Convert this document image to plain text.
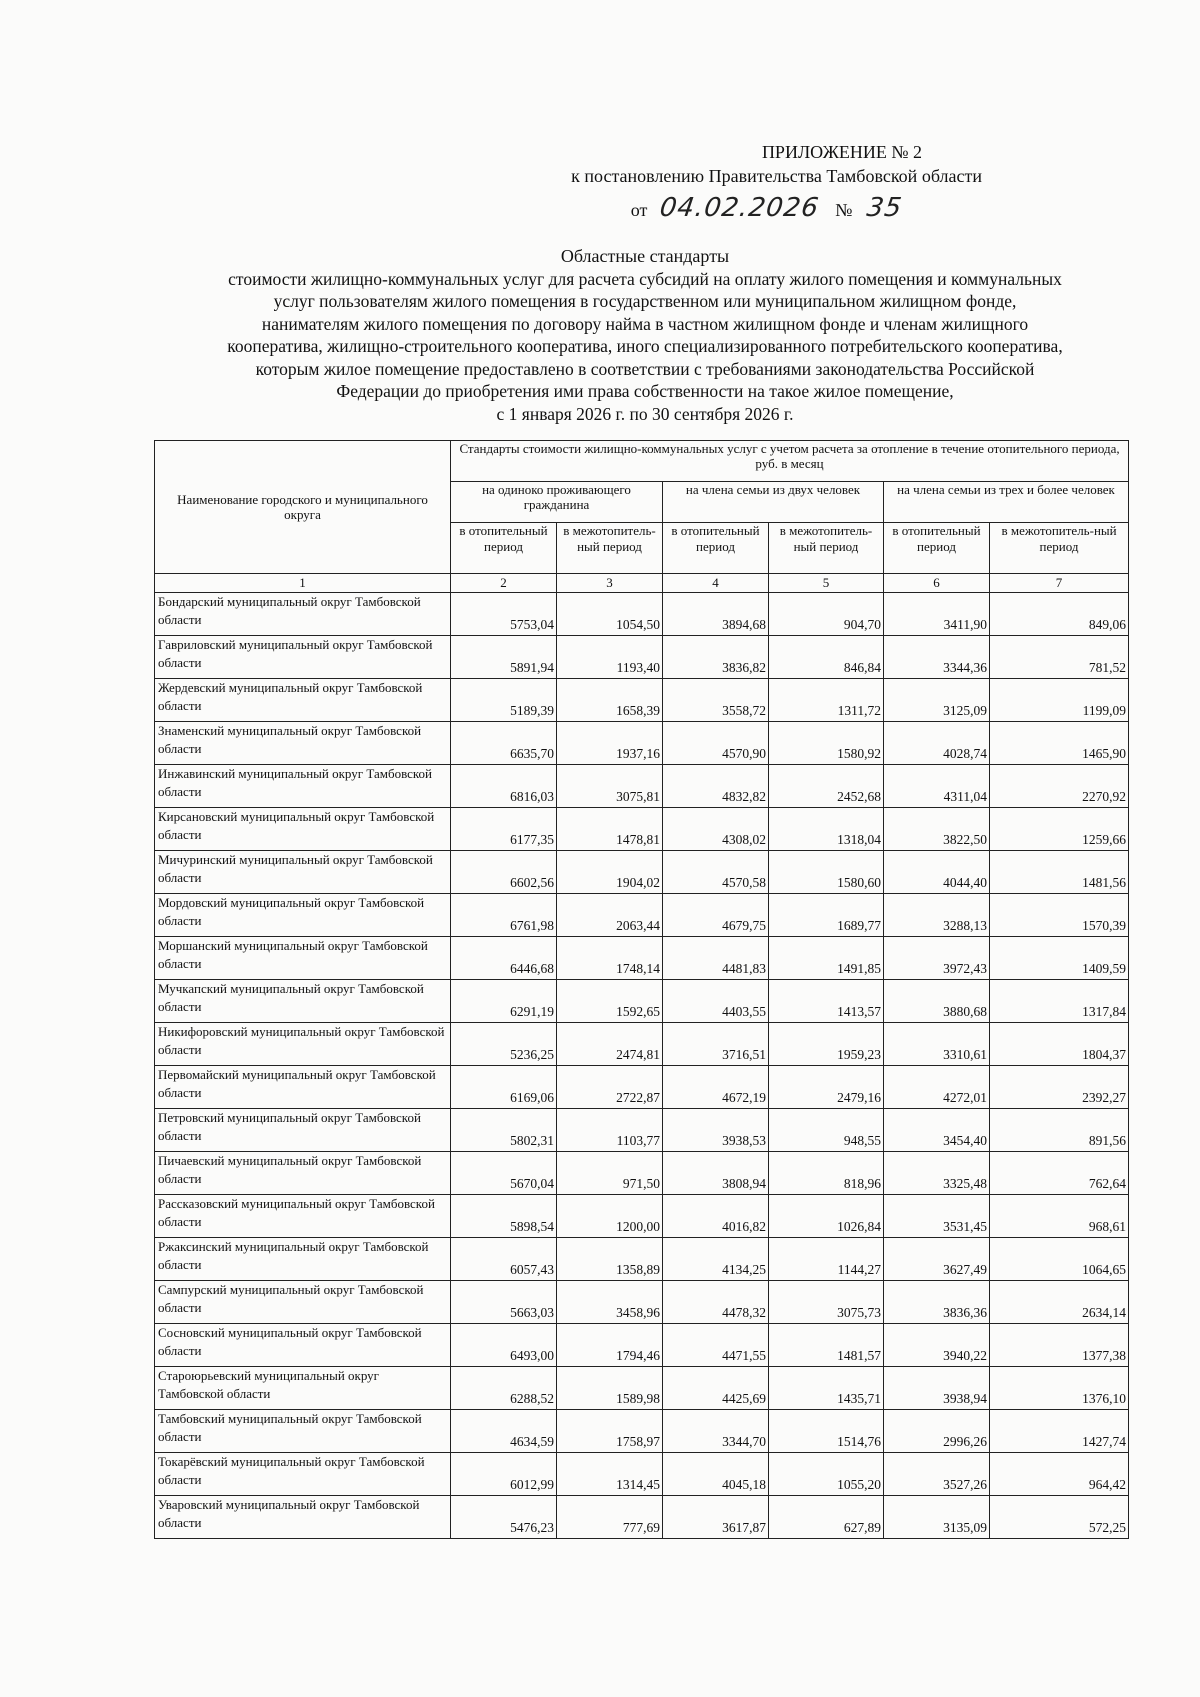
ПРИЛОЖЕНИЕ № 2
к постановлению Правительства Тамбовской области
от 04.02.2026 № 35
Областные стандарты
стоимости жилищно-коммунальных услуг для расчета субсидий на оплату жилого помещения и коммунальных
услуг пользователям жилого помещения в государственном или муниципальном жилищном фонде,
нанимателям жилого помещения по договору найма в частном жилищном фонде и членам жилищного
кооператива, жилищно-строительного кооператива, иного специализированного потребительского кооператива,
которым жилое помещение предоставлено в соответствии с требованиями законодательства Российской
Федерации до приобретения ими права собственности на такое жилое помещение,
с 1 января 2026 г. по 30 сентября 2026 г.
Наименование городского и муниципального округа	Стандарты стоимости жилищно-коммунальных услуг с учетом расчета за отопление в течение отопительного периода, руб. в месяц					
	на одиноко проживающего гражданина		на члена семьи из двух человек		на члена семьи из трех и более человек	
	в отопительный период	в межотопитель-ный период	в отопительный период	в межотопитель-ный период	в отопительный период	в межотопитель-ный период
1	2	3	4	5	6	7
Бондарский муниципальный округ Тамбовской области	5753,04	1054,50	3894,68	904,70	3411,90	849,06
Гавриловский муниципальный округ Тамбовской области	5891,94	1193,40	3836,82	846,84	3344,36	781,52
Жердевский муниципальный округ Тамбовской области	5189,39	1658,39	3558,72	1311,72	3125,09	1199,09
Знаменский муниципальный округ Тамбовской области	6635,70	1937,16	4570,90	1580,92	4028,74	1465,90
Инжавинский муниципальный округ Тамбовской области	6816,03	3075,81	4832,82	2452,68	4311,04	2270,92
Кирсановский муниципальный округ Тамбовской области	6177,35	1478,81	4308,02	1318,04	3822,50	1259,66
Мичуринский муниципальный округ Тамбовской области	6602,56	1904,02	4570,58	1580,60	4044,40	1481,56
Мордовский муниципальный округ Тамбовской области	6761,98	2063,44	4679,75	1689,77	3288,13	1570,39
Моршанский муниципальный округ Тамбовской области	6446,68	1748,14	4481,83	1491,85	3972,43	1409,59
Мучкапский муниципальный округ Тамбовской области	6291,19	1592,65	4403,55	1413,57	3880,68	1317,84
Никифоровский муниципальный округ Тамбовской области	5236,25	2474,81	3716,51	1959,23	3310,61	1804,37
Первомайский муниципальный округ Тамбовской области	6169,06	2722,87	4672,19	2479,16	4272,01	2392,27
Петровский муниципальный округ Тамбовской области	5802,31	1103,77	3938,53	948,55	3454,40	891,56
Пичаевский муниципальный округ Тамбовской области	5670,04	971,50	3808,94	818,96	3325,48	762,64
Рассказовский муниципальный округ Тамбовской области	5898,54	1200,00	4016,82	1026,84	3531,45	968,61
Ржаксинский муниципальный округ Тамбовской области	6057,43	1358,89	4134,25	1144,27	3627,49	1064,65
Сампурский муниципальный округ Тамбовской области	5663,03	3458,96	4478,32	3075,73	3836,36	2634,14
Сосновский муниципальный округ Тамбовской области	6493,00	1794,46	4471,55	1481,57	3940,22	1377,38
Староюрьевский муниципальный округ Тамбовской области	6288,52	1589,98	4425,69	1435,71	3938,94	1376,10
Тамбовский муниципальный округ Тамбовской области	4634,59	1758,97	3344,70	1514,76	2996,26	1427,74
Токарёвский муниципальный округ Тамбовской области	6012,99	1314,45	4045,18	1055,20	3527,26	964,42
Уваровский муниципальный округ Тамбовской области	5476,23	777,69	3617,87	627,89	3135,09	572,25
